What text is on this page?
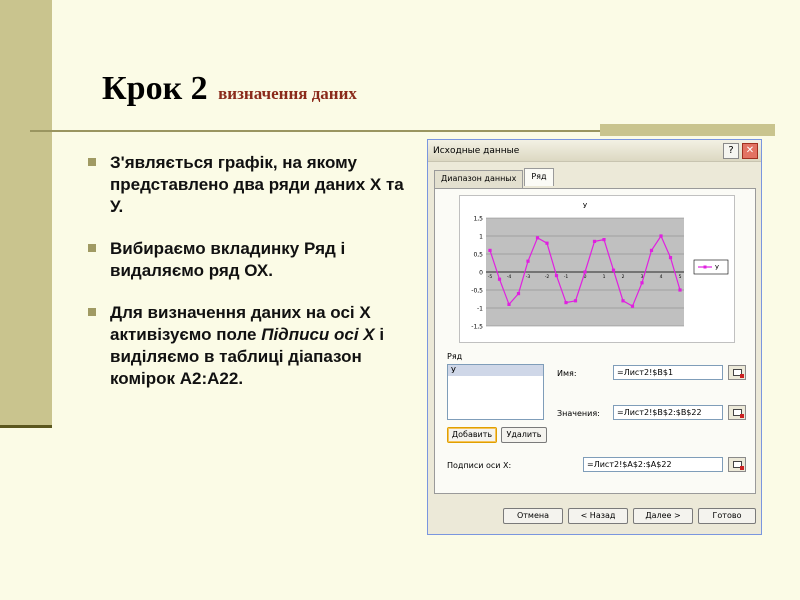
Крок 2 визначення даних
З'являється графік, на якому представлено два ряди даних Х та У.
Вибираємо вкладинку Ряд і видаляємо ряд ОХ.
Для визначення даних на осі Х активізуємо поле Підписи осі Х і виділяємо в таблиці діапазон комірок А2:А22.
Исходные данные	?	✕
Диапазон данных	Ряд
У
1,5
1
0,5
0
-0,5
-1
-1,5
-5	-4	-3	-2	-1	0	1	2	3	4	5
У
Ряд
У	Имя:	=Лист2!$B$1
Значения:	=Лист2!$B$2:$B$22
Добавить	Удалить
Подписи оси X:	=Лист2!$A$2:$A$22
Отмена	< Назад	Далее >	Готово
